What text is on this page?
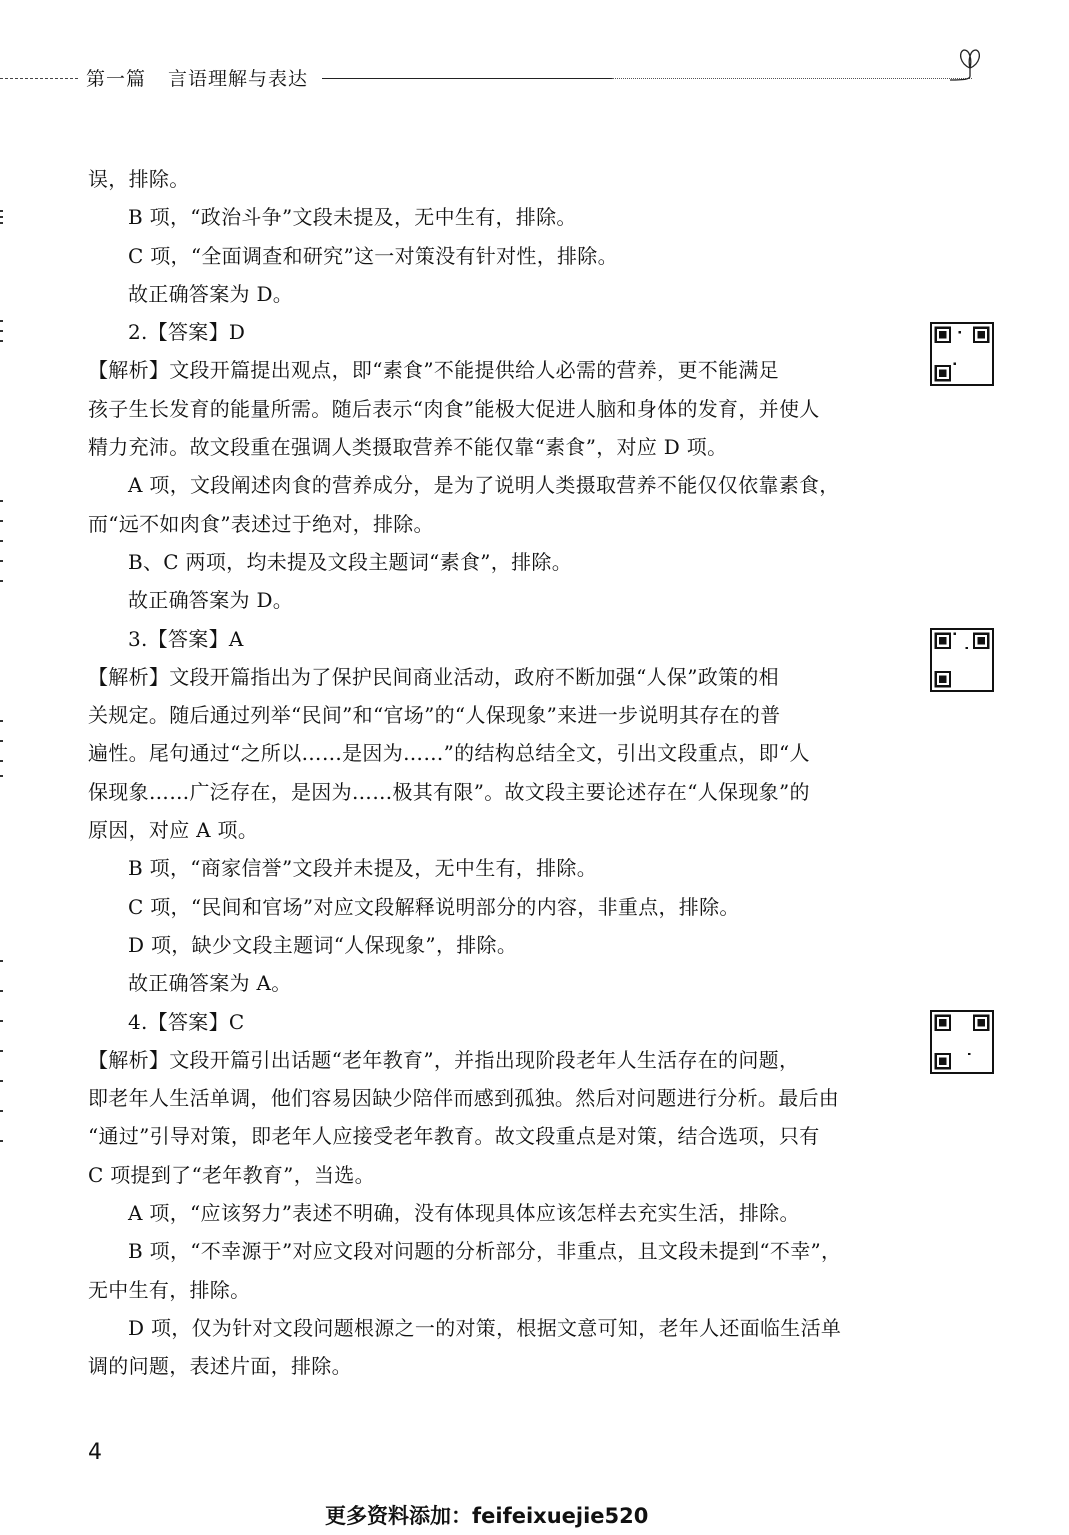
第一篇 言语理解与表达
误，排除。
B 项，“政治斗争”文段未提及，无中生有，排除。
C 项，“全面调查和研究”这一对策没有针对性，排除。
故正确答案为 D。
2.【答案】D
【解析】文段开篇提出观点，即“素食”不能提供给人必需的营养，更不能满足
孩子生长发育的能量所需。随后表示“肉食”能极大促进人脑和身体的发育，并使人
精力充沛。故文段重在强调人类摄取营养不能仅靠“素食”，对应 D 项。
A 项，文段阐述肉食的营养成分，是为了说明人类摄取营养不能仅仅依靠素食，
而“远不如肉食”表述过于绝对，排除。
B、C 两项，均未提及文段主题词“素食”，排除。
故正确答案为 D。
3.【答案】A
【解析】文段开篇指出为了保护民间商业活动，政府不断加强“人保”政策的相
关规定。随后通过列举“民间”和“官场”的“人保现象”来进一步说明其存在的普
遍性。尾句通过“之所以……是因为……”的结构总结全文，引出文段重点，即“人
保现象……广泛存在，是因为……极其有限”。故文段主要论述存在“人保现象”的
原因，对应 A 项。
B 项，“商家信誉”文段并未提及，无中生有，排除。
C 项，“民间和官场”对应文段解释说明部分的内容，非重点，排除。
D 项，缺少文段主题词“人保现象”，排除。
故正确答案为 A。
4.【答案】C
【解析】文段开篇引出话题“老年教育”，并指出现阶段老年人生活存在的问题，
即老年人生活单调，他们容易因缺少陪伴而感到孤独。然后对问题进行分析。最后由
“通过”引导对策，即老年人应接受老年教育。故文段重点是对策，结合选项，只有
C 项提到了“老年教育”，当选。
A 项，“应该努力”表述不明确，没有体现具体应该怎样去充实生活，排除。
B 项，“不幸源于”对应文段对问题的分析部分，非重点，且文段未提到“不幸”，
无中生有，排除。
D 项，仅为针对文段问题根源之一的对策，根据文意可知，老年人还面临生活单
调的问题，表述片面，排除。
4
更多资料添加：feifeixuejie520
